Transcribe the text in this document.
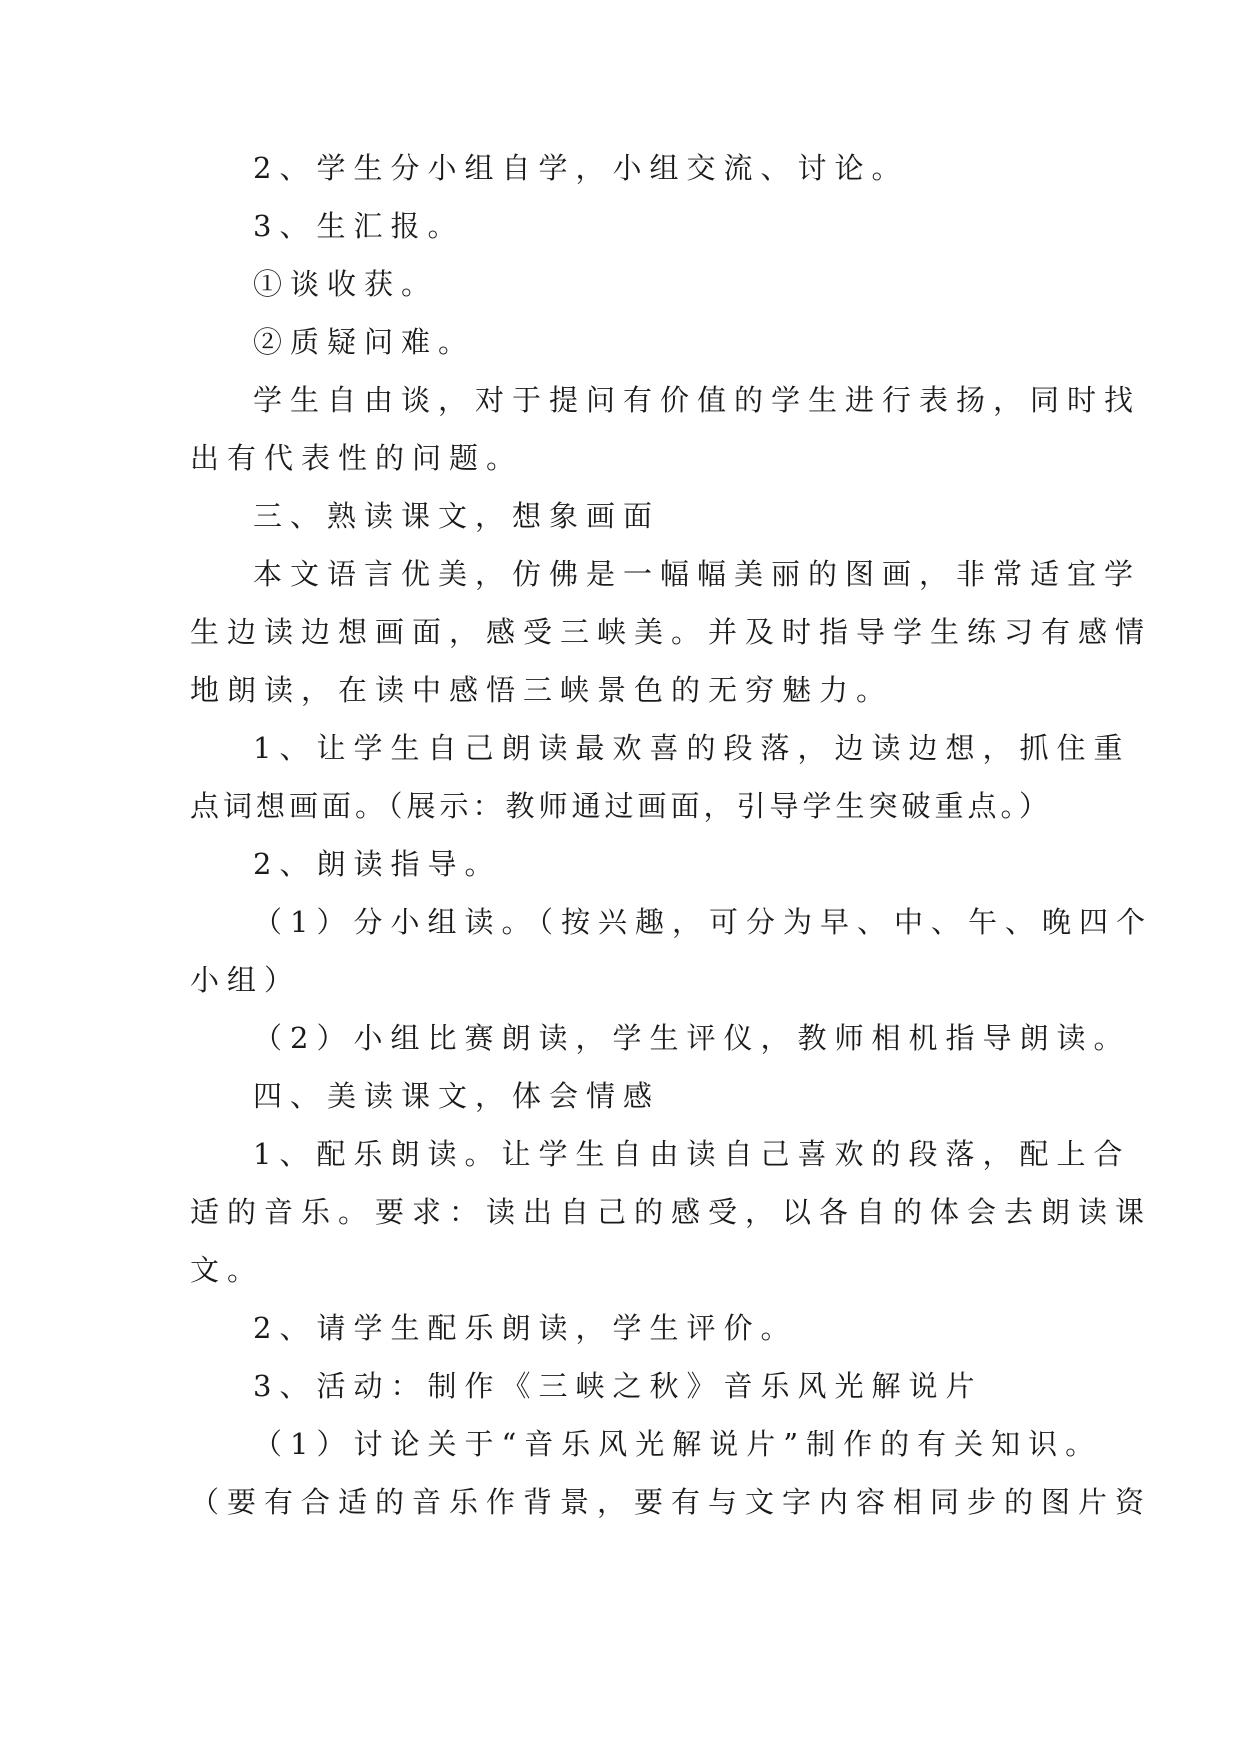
2、学生分小组自学，小组交流、讨论。

3、生汇报。

①谈收获。

②质疑问难。

学生自由谈，对于提问有价值的学生进行表扬，同时找

出有代表性的问题。

三、熟读课文，想象画面

本文语言优美，仿佛是一幅幅美丽的图画，非常适宜学

生边读边想画面，感受三峡美。并及时指导学生练习有感情

地朗读，在读中感悟三峡景色的无穷魅力。

1、让学生自己朗读最欢喜的段落，边读边想，抓住重

点词想画面。（展示：教师通过画面，引导学生突破重点。）

2、朗读指导。

（1）分小组读。（按兴趣，可分为早、中、午、晚四个

小组）

（2）小组比赛朗读，学生评仪，教师相机指导朗读。

四、美读课文，体会情感

1、配乐朗读。让学生自由读自己喜欢的段落，配上合

适的音乐。要求：读出自己的感受，以各自的体会去朗读课

文。

2、请学生配乐朗读，学生评价。

3、活动：制作《三峡之秋》音乐风光解说片

（1）讨论关于“音乐风光解说片”制作的有关知识。

（要有合适的音乐作背景，要有与文字内容相同步的图片资
